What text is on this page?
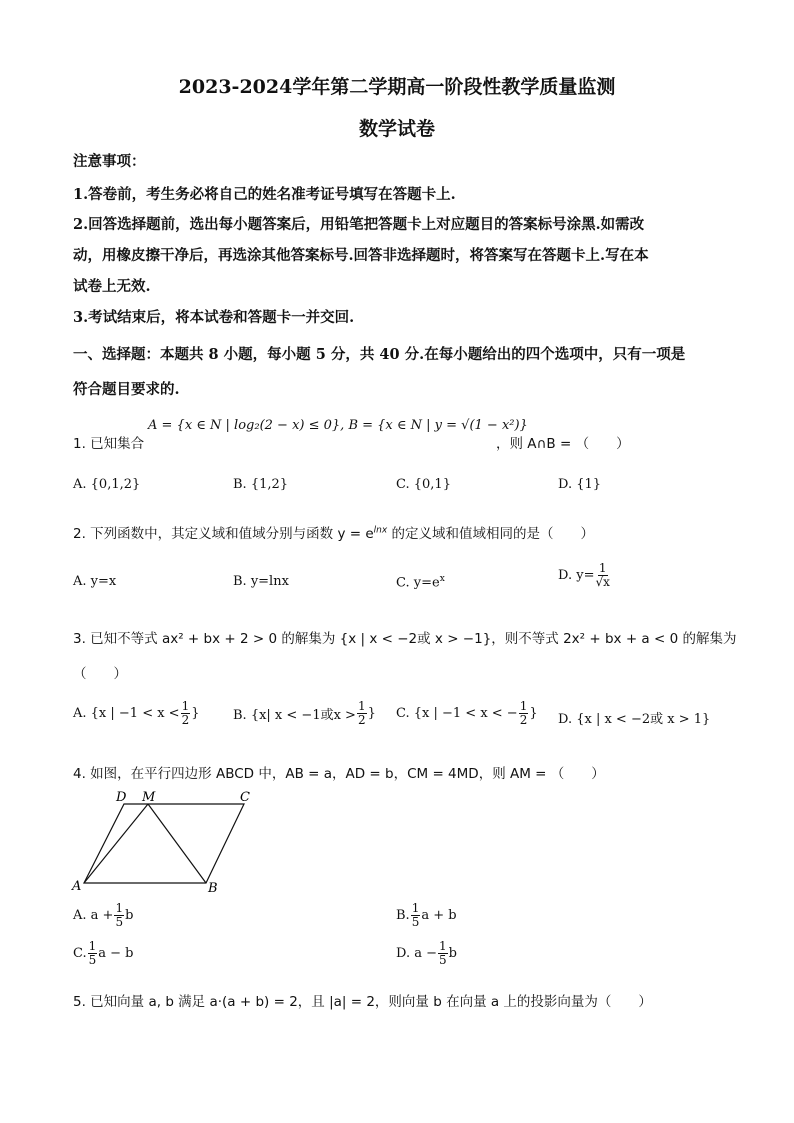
2023-2024学年第二学期高一阶段性教学质量监测
数学试卷
注意事项：
1.答卷前，考生务必将自己的姓名准考证号填写在答题卡上.
2.回答选择题前，选出每小题答案后，用铅笔把答题卡上对应题目的答案标号涂黑.如需改
动，用橡皮擦干净后，再选涂其他答案标号.回答非选择题时，将答案写在答题卡上.写在本
试卷上无效.
3.考试结束后，将本试卷和答题卡一并交回.
一、选择题：本题共 8 小题，每小题 5 分，共 40 分.在每小题给出的四个选项中，只有一项是
符合题目要求的.
1. 已知集合
A = {x ∈ N | log₂(2 − x) ≤ 0}, B = {x ∈ N | y = √(1 − x²)}
，则 A∩B = （　　）
A. {0,1,2}	B. {1,2}	C. {0,1}	D. {1}
2. 下列函数中，其定义域和值域分别与函数 $y = e^{lnx}$ 的定义域和值域相同的是（　　）
A. y=x	B. y=lnx	C. $y=e^x$	D. $y= \frac{1}{√x}$
3. 已知不等式 ax² + bx + 2 > 0 的解集为 {x | x < −2或 x > −1}，则不等式 2x² + bx + a < 0 的解集为
（　　）
A. {x | $-1 < x < \frac{1}{2}$ }	B. {x| x < −1或$x > \frac{1}{2}$ } C. {x | −1 < x < − $\frac{1}{2}$ } D. {x | x < −2或 x > 1}
4. 如图，在平行四边形 ABCD 中，AB = a，AD = b，CM = 4MD，则 AM = （　　）
D M	C
A	B
A. $a + \frac{1}{5}$ b	B. $\frac{1}{5}$ a + b
C. $\frac{1}{5}$ a − b	D. $a - \frac{1}{5}$ b
5. 已知向量 a, b 满足 a·(a + b) = 2，且 |a| = 2，则向量 b 在向量 a 上的投影向量为（　　）
